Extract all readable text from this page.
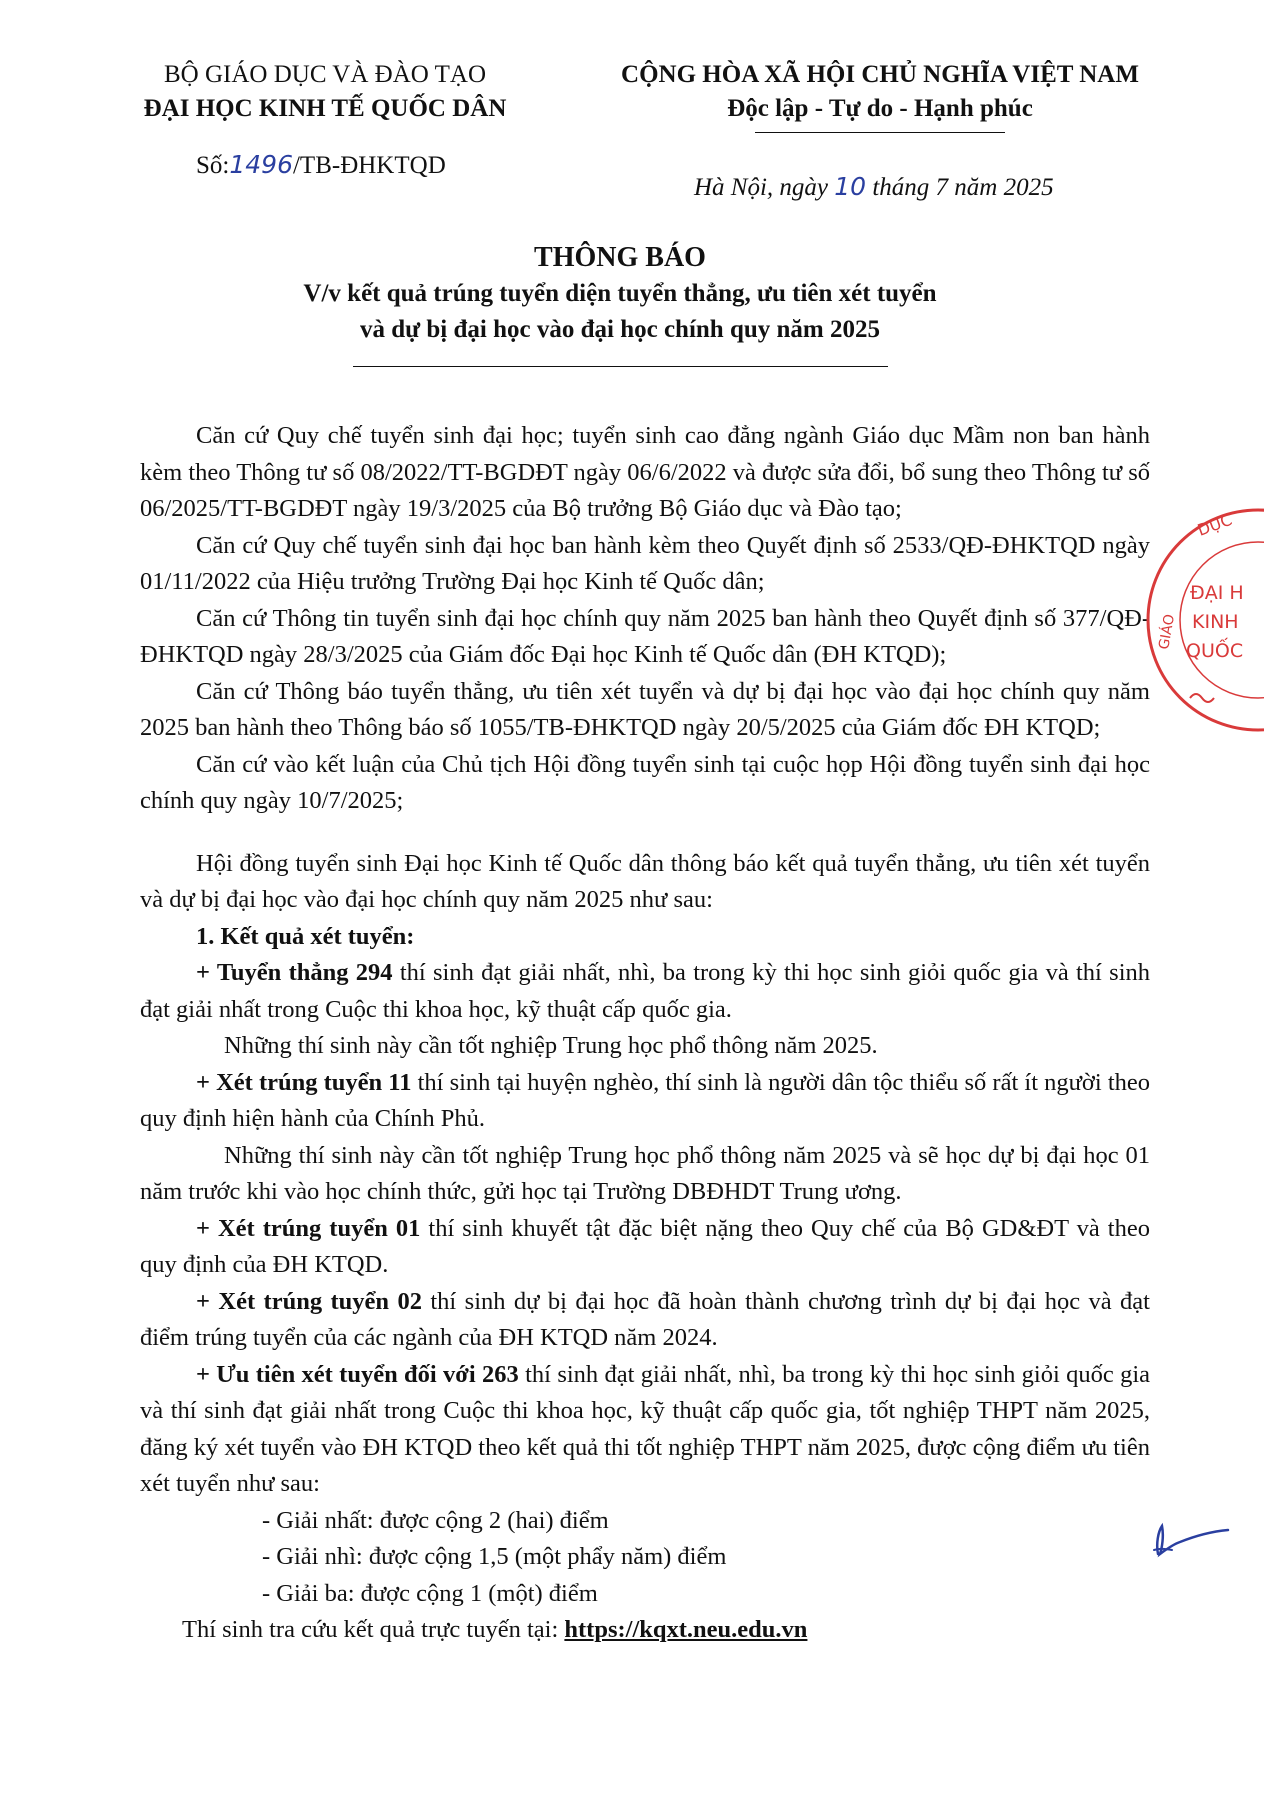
BỘ GIÁO DỤC VÀ ĐÀO TẠO
ĐẠI HỌC KINH TẾ QUỐC DÂN
CỘNG HÒA XÃ HỘI CHỦ NGHĨA VIỆT NAM
Độc lập - Tự do - Hạnh phúc
Số:1496/TB-ĐHKTQD
Hà Nội, ngày 10 tháng 7 năm 2025
THÔNG BÁO
V/v kết quả trúng tuyển diện tuyển thẳng, ưu tiên xét tuyển
và dự bị đại học vào đại học chính quy năm 2025

Căn cứ Quy chế tuyển sinh đại học; tuyển sinh cao đẳng ngành Giáo dục Mầm non ban hành kèm theo Thông tư số 08/2022/TT-BGDĐT ngày 06/6/2022 và được sửa đổi, bổ sung theo Thông tư số 06/2025/TT-BGDĐT ngày 19/3/2025 của Bộ trưởng Bộ Giáo dục và Đào tạo;

Căn cứ Quy chế tuyển sinh đại học ban hành kèm theo Quyết định số 2533/QĐ-ĐHKTQD ngày 01/11/2022 của Hiệu trưởng Trường Đại học Kinh tế Quốc dân;

Căn cứ Thông tin tuyển sinh đại học chính quy năm 2025 ban hành theo Quyết định số 377/QĐ-ĐHKTQD ngày 28/3/2025 của Giám đốc Đại học Kinh tế Quốc dân (ĐH KTQD);

Căn cứ Thông báo tuyển thẳng, ưu tiên xét tuyển và dự bị đại học vào đại học chính quy năm 2025 ban hành theo Thông báo số 1055/TB-ĐHKTQD ngày 20/5/2025 của Giám đốc ĐH KTQD;

Căn cứ vào kết luận của Chủ tịch Hội đồng tuyển sinh tại cuộc họp Hội đồng tuyển sinh đại học chính quy ngày 10/7/2025;

Hội đồng tuyển sinh Đại học Kinh tế Quốc dân thông báo kết quả tuyển thẳng, ưu tiên xét tuyển và dự bị đại học vào đại học chính quy năm 2025 như sau:

1. Kết quả xét tuyển:

+ Tuyển thẳng 294 thí sinh đạt giải nhất, nhì, ba trong kỳ thi học sinh giỏi quốc gia và thí sinh đạt giải nhất trong Cuộc thi khoa học, kỹ thuật cấp quốc gia.

Những thí sinh này cần tốt nghiệp Trung học phổ thông năm 2025.

+ Xét trúng tuyển 11 thí sinh tại huyện nghèo, thí sinh là người dân tộc thiểu số rất ít người theo quy định hiện hành của Chính Phủ.

Những thí sinh này cần tốt nghiệp Trung học phổ thông năm 2025 và sẽ học dự bị đại học 01 năm trước khi vào học chính thức, gửi học tại Trường DBĐHDT Trung ương.

+ Xét trúng tuyển 01 thí sinh khuyết tật đặc biệt nặng theo Quy chế của Bộ GD&ĐT và theo quy định của ĐH KTQD.

+ Xét trúng tuyển 02 thí sinh dự bị đại học đã hoàn thành chương trình dự bị đại học và đạt điểm trúng tuyển của các ngành của ĐH KTQD năm 2024.

+ Ưu tiên xét tuyển đối với 263 thí sinh đạt giải nhất, nhì, ba trong kỳ thi học sinh giỏi quốc gia và thí sinh đạt giải nhất trong Cuộc thi khoa học, kỹ thuật cấp quốc gia, tốt nghiệp THPT năm 2025, đăng ký xét tuyển vào ĐH KTQD theo kết quả thi tốt nghiệp THPT năm 2025, được cộng điểm ưu tiên xét tuyển như sau:

- Giải nhất: được cộng 2 (hai) điểm
- Giải nhì: được cộng 1,5 (một phẩy năm) điểm
- Giải ba: được cộng 1 (một) điểm

Thí sinh tra cứu kết quả trực tuyến tại: https://kqxt.neu.edu.vn

DỤC
GIÁO
ĐẠI H
KINH
QUỐC
